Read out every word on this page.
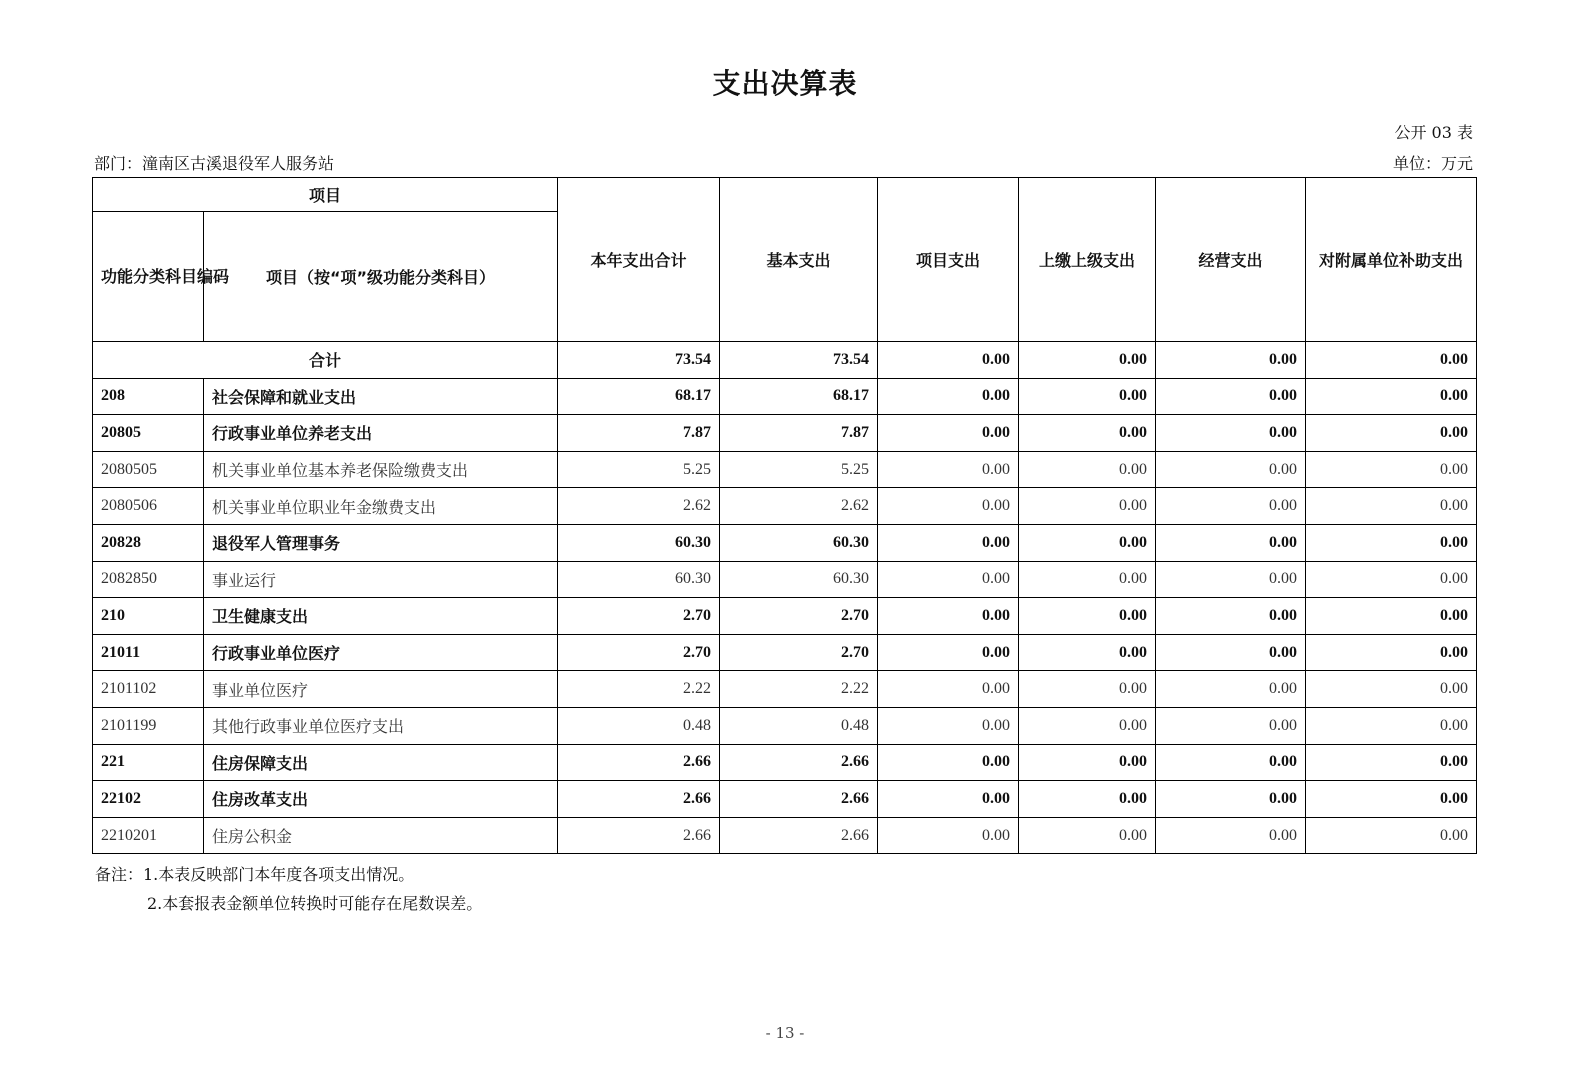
支出决算表
公开 03 表
部门：潼南区古溪退役军人服务站	单位：万元
项目		本年支出合计	基本支出	项目支出	上缴上级支出	经营支出	对附属单位补助支出
功能分类科目编码	项目（按“项”级功能分类科目）						
合计		73.54	73.54	0.00	0.00	0.00	0.00
208	社会保障和就业支出	68.17	68.17	0.00	0.00	0.00	0.00
20805	行政事业单位养老支出	7.87	7.87	0.00	0.00	0.00	0.00
2080505	机关事业单位基本养老保险缴费支出	5.25	5.25	0.00	0.00	0.00	0.00
2080506	机关事业单位职业年金缴费支出	2.62	2.62	0.00	0.00	0.00	0.00
20828	退役军人管理事务	60.30	60.30	0.00	0.00	0.00	0.00
2082850	事业运行	60.30	60.30	0.00	0.00	0.00	0.00
210	卫生健康支出	2.70	2.70	0.00	0.00	0.00	0.00
21011	行政事业单位医疗	2.70	2.70	0.00	0.00	0.00	0.00
2101102	事业单位医疗	2.22	2.22	0.00	0.00	0.00	0.00
2101199	其他行政事业单位医疗支出	0.48	0.48	0.00	0.00	0.00	0.00
221	住房保障支出	2.66	2.66	0.00	0.00	0.00	0.00
22102	住房改革支出	2.66	2.66	0.00	0.00	0.00	0.00
2210201	住房公积金	2.66	2.66	0.00	0.00	0.00	0.00
备注：1.本表反映部门本年度各项支出情况。
2.本套报表金额单位转换时可能存在尾数误差。
- 13 -
